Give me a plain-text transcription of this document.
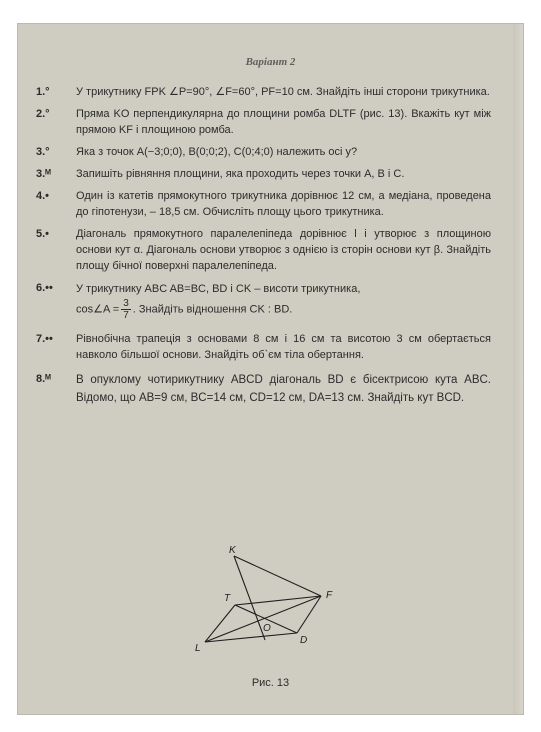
Варіант 2
1.° У трикутнику FPK ∠P=90°, ∠F=60°, PF=10 см. Знайдіть інші сторони трикутника.
2.° Пряма KO перпендикулярна до площини ромба DLTF (рис. 13). Вкажіть кут між прямою KF і площиною ромба.
3.° Яка з точок A(−3;0;0), B(0;0;2), C(0;4;0) належить осі y?
3.ᴹ Запишіть рівняння площини, яка проходить через точки A, B і C.
4.• Один із катетів прямокутного трикутника дорівнює 12 см, а медіана, проведена до гіпотенузи, – 18,5 см. Обчисліть площу цього трикутника.
5.• Діагональ прямокутного паралелепіпеда дорівнює l і утворює з площиною основи кут α. Діагональ основи утворює з однією із сторін основи кут β. Знайдіть площу бічної поверхні паралелепіпеда.
6.•• У трикутнику ABC AB=BC, BD і CK – висоти трикутника,
cos∠A = $\frac{3}{7}$ . Знайдіть відношення CK : BD.
7.•• Рівнобічна трапеція з основами 8 см і 16 см та висотою 3 см обертається навколо більшої основи. Знайдіть об`єм тіла обертання.
8.ᴹ В опуклому чотирикутнику ABCD діагональ BD є бісектрисою кута ABC. Відомо, що AB=9 см, BC=14 см, CD=12 см, DA=13 см. Знайдіть кут BCD.
K
T	F
O
L
D
Рис. 13
